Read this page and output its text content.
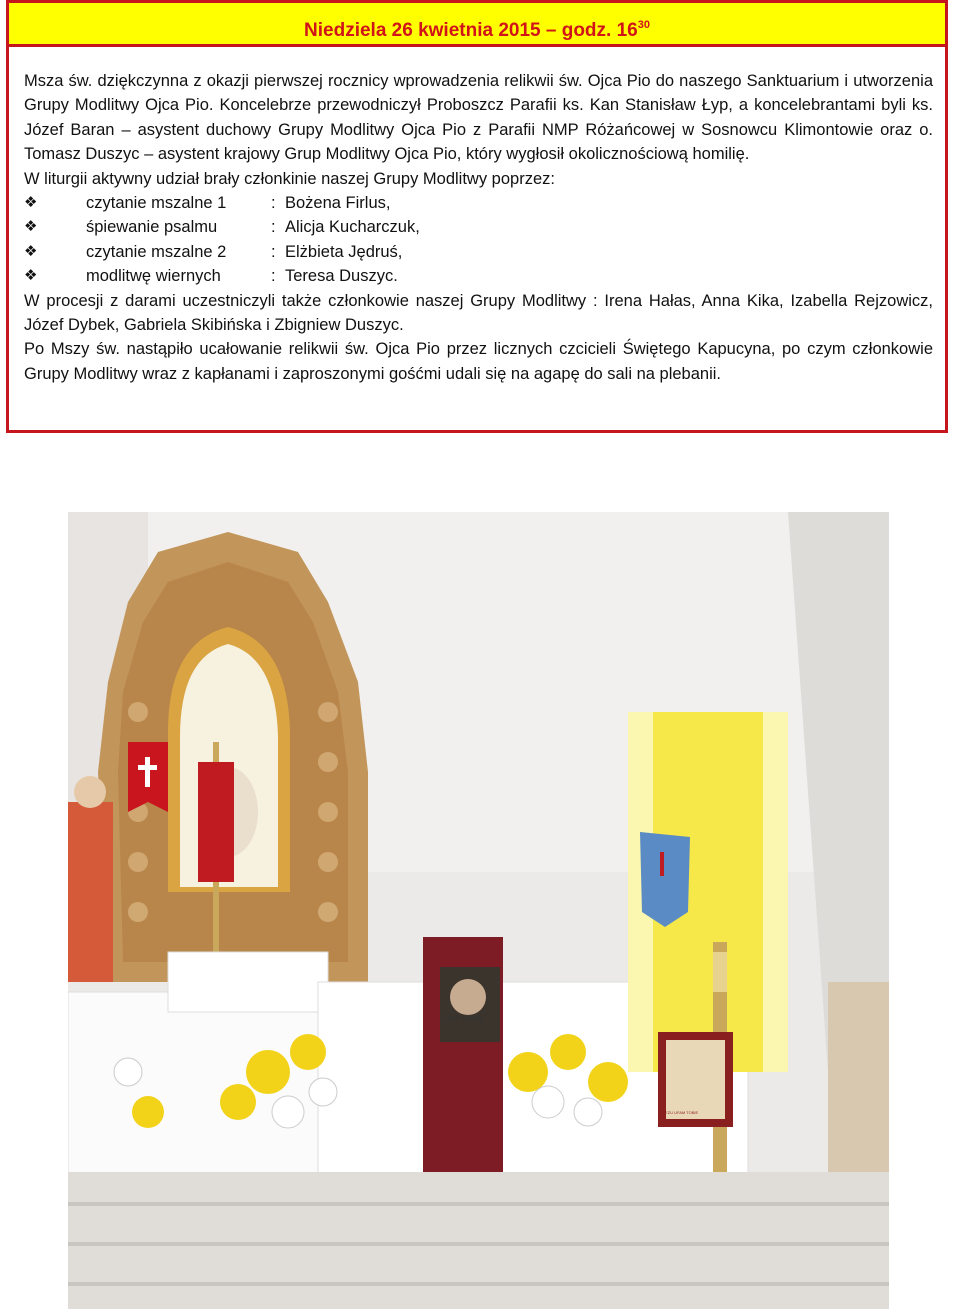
Niedziela 26 kwietnia 2015 – godz. $16^{30}$

Msza św. dziękczynna z okazji pierwszej rocznicy wprowadzenia relikwii św. Ojca Pio do naszego Sanktuarium i utworzenia Grupy Modlitwy Ojca Pio. Koncelebrze przewodniczył Proboszcz Parafii ks. Kan Stanisław Łyp, a koncelebrantami byli ks. Józef Baran – asystent duchowy Grupy Modlitwy Ojca Pio z Parafii NMP Różańcowej w Sosnowcu Klimontowie oraz o. Tomasz Duszyc – asystent krajowy Grup Modlitwy Ojca Pio, który wygłosił okolicznościową homilię.

W liturgii aktywny udział brały członkinie naszej Grupy Modlitwy poprzez:

❖	czytanie mszalne 1	: Bożena Firlus,
❖	śpiewanie psalmu	: Alicja Kucharczuk,
❖	czytanie mszalne 2	: Elżbieta Jędruś,
❖	modlitwę wiernych	: Teresa Duszyc.

W procesji z darami uczestniczyli także członkowie naszej Grupy Modlitwy : Irena Hałas, Anna Kika, Izabella Rejzowicz, Józef Dybek, Gabriela Skibińska i Zbigniew Duszyc.

Po Mszy św. nastąpiło ucałowanie relikwii św. Ojca Pio przez licznych czcicieli Świętego Kapucyna, po czym członkowie Grupy Modlitwy wraz z kapłanami i zaproszonymi gośćmi udali się na agapę do sali na plebanii.

AVE MARIA
JEZU UFAM TOBIE
